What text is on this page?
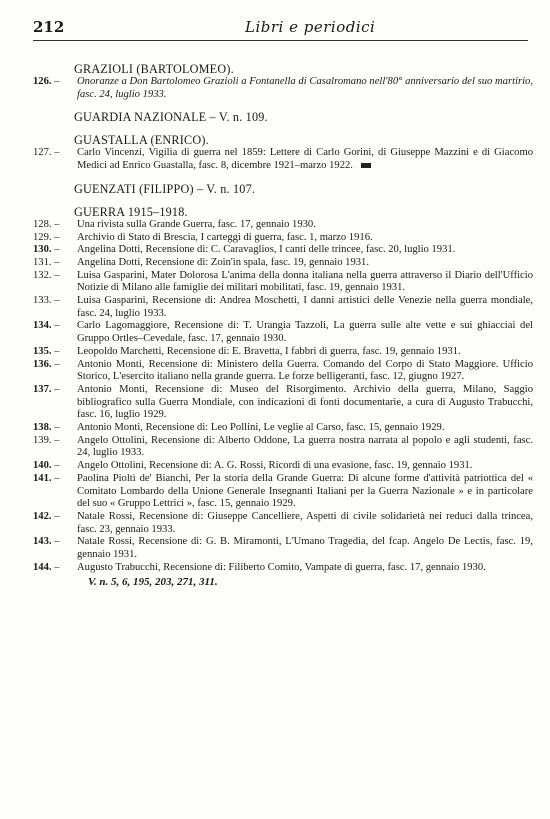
212	Libri e periodici
GRAZIOLI (BARTOLOMEO).
126. –	Onoranze a Don Bartolomeo Grazioli a Fontanella di Casalromano nell'80° anniversario del suo martirio, fasc. 24, luglio 1933.
GUARDIA NAZIONALE – V. n. 109.
GUASTALLA (ENRICO).
127. –	Carlo Vincenzi, Vigilia di guerra nel 1859: Lettere di Carlo Gorini, di Giuseppe Mazzini e di Giacomo Medici ad Enrico Guastalla, fasc. 8, dicembre 1921–marzo 1922.
GUENZATI (FILIPPO) – V. n. 107.
GUERRA 1915–1918.
128. –	Una rivista sulla Grande Guerra, fasc. 17, gennaio 1930.
129. –	Archivio di Stato di Brescia, I carteggi di guerra, fasc. 1, marzo 1916.
130. –	Angelina Dotti, Recensione di: C. Caravaglios, I canti delle trincee, fasc. 20, luglio 1931.
131. –	Angelina Dotti, Recensione di: Zoin'in spala, fasc. 19, gennaio 1931.
132. –	Luisa Gasparini, Mater Dolorosa L'anima della donna italiana nella guerra attraverso il Diario dell'Ufficio Notizie di Milano alle famiglie dei militari mobilitati, fasc. 19, gennaio 1931.
133. –	Luisa Gasparini, Recensione di: Andrea Moschetti, I danni artistici delle Venezie nella guerra mondiale, fasc. 24, luglio 1933.
134. –	Carlo Lagomaggiore, Recensione di: T. Urangia Tazzoli, La guerra sulle alte vette e sui ghiacciai del Gruppo Ortles–Cevedale, fasc. 17, gennaio 1930.
135. –	Leopoldo Marchetti, Recensione di: E. Bravetta, I fabbri di guerra, fasc. 19, gennaio 1931.
136. –	Antonio Monti, Recensione di: Ministero della Guerra. Comando del Corpo di Stato Maggiore. Ufficio Storico, L'esercito italiano nella grande guerra. Le forze belligeranti, fasc. 12, giugno 1927.
137. –	Antonio Monti, Recensione di: Museo del Risorgimento. Archivio della guerra, Milano, Saggio bibliografico sulla Guerra Mondiale, con indicazioni di fonti documentarie, a cura di Augusto Trabucchi, fasc. 16, luglio 1929.
138. –	Antonio Monti, Recensione di: Leo Pollini, Le veglie al Carso, fasc. 15, gennaio 1929.
139. –	Angelo Ottolini, Recensione di: Alberto Oddone, La guerra nostra narrata al popolo e agli studenti, fasc. 24, luglio 1933.
140. –	Angelo Ottolini, Recensione di: A. G. Rossi, Ricordi di una evasione, fasc. 19, gennaio 1931.
141. –	Paolina Pioltì de' Bianchi, Per la storia della Grande Guerra: Di alcune forme d'attività patriottica del « Comitato Lombardo della Unione Generale Insegnanti Italiani per la Guerra Nazionale » e in particolare del suo « Gruppo Lettrici », fasc. 15, gennaio 1929.
142. –	Natale Rossi, Recensione di: Giuseppe Cancelliere, Aspetti di civile solidarietà nei reduci dalla trincea, fasc. 23, gennaio 1933.
143. –	Natale Rossi, Recensione di: G. B. Miramonti, L'Umano Tragedia, del fcap. Angelo De Lectis, fasc. 19, gennaio 1931.
144. –	Augusto Trabucchi, Recensione di: Filiberto Comito, Vampate di guerra, fasc. 17, gennaio 1930.
V. n. 5, 6, 195, 203, 271, 311.
